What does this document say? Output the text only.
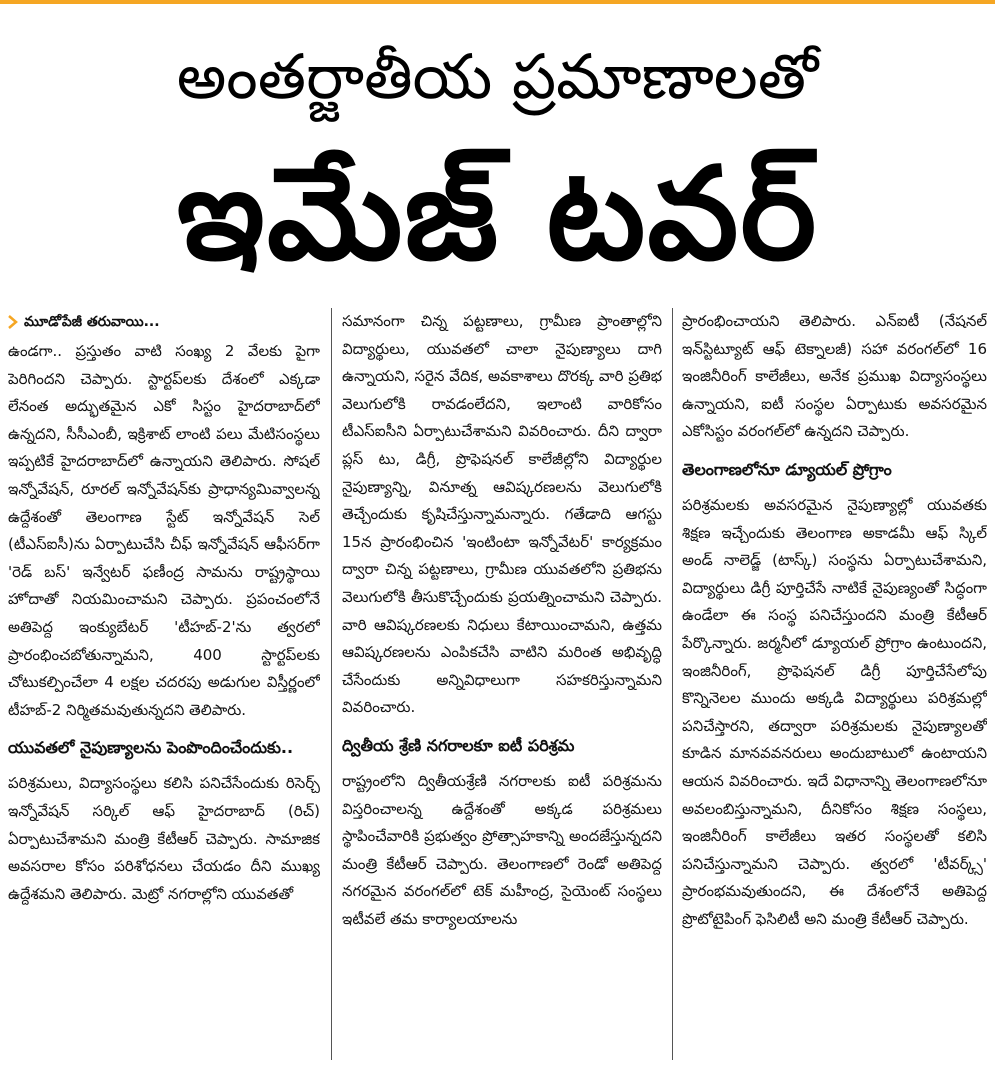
అంతర్జాతీయ ప్రమాణాలతో
ఇమేజ్ టవర్
మూడోపేజీ తరువాయి...

ఉండగా.. ప్రస్తుతం వాటి సంఖ్య 2 వేలకు పైగా పెరిగిందని చెప్పారు. స్టార్టప్‌లకు దేశంలో ఎక్కడా లేనంత అద్భుతమైన ఎకో సిస్టం హైదరాబాద్‌లో ఉన్నదని, సీసీఎంబీ, ఇక్రిశాట్ లాంటి పలు మేటిసంస్థలు ఇప్పటికే హైదరాబాద్‌లో ఉన్నాయని తెలిపారు. సోషల్ ఇన్నోవేషన్, రూరల్ ఇన్నోవేషన్‌కు ప్రాధాన్యమివ్వాలన్న ఉద్దేశంతో తెలంగాణ స్టేట్ ఇన్నోవేషన్ సెల్ (టీఎస్ఐసీ)ను ఏర్పాటుచేసి చీఫ్ ఇన్నోవేషన్ ఆఫీసర్‌గా 'రెడ్ బస్' ఇన్వేటర్ ఫణీంద్ర సామను రాష్ట్రస్థాయి హోదాతో నియమించామని చెప్పారు. ప్రపంచంలోనే అతిపెద్ద ఇంక్యుబేటర్ 'టీహబ్-2'ను త్వరలో ప్రారంభించబోతున్నామని, 400 స్టార్టప్‌లకు చోటుకల్పించేలా 4 లక్షల చదరపు అడుగుల విస్తీర్ణంలో టీహబ్-2 నిర్మితమవుతున్నదని తెలిపారు.

యువతలో నైపుణ్యాలను పెంపొందించేందుకు..

పరిశ్రమలు, విద్యాసంస్థలు కలిసి పనిచేసేందుకు రిసెర్చ్ ఇన్నోవేషన్ సర్కిల్ ఆఫ్ హైదరాబాద్ (రిచ్) ఏర్పాటుచేశామని మంత్రి కేటీఆర్ చెప్పారు. సామాజిక అవసరాల కోసం పరిశోధనలు చేయడం దీని ముఖ్య ఉద్దేశమని తెలిపారు. మెట్రో నగరాల్లోని యువతతో

సమానంగా చిన్న పట్టణాలు, గ్రామీణ ప్రాంతాల్లోని విద్యార్థులు, యువతలో చాలా నైపుణ్యాలు దాగి ఉన్నాయని, సరైన వేదిక, అవకాశాలు దొరక్క వారి ప్రతిభ వెలుగులోకి రావడంలేదని, ఇలాంటి వారికోసం టీఎస్ఐసీని ఏర్పాటుచేశామని వివరించారు. దీని ద్వారా ప్లస్ టు, డిగ్రీ, ప్రొఫెషనల్ కాలేజీల్లోని విద్యార్థుల నైపుణ్యాన్ని, వినూత్న ఆవిష్కరణలను వెలుగులోకి తెచ్చేందుకు కృషిచేస్తున్నామన్నారు. గతేడాది ఆగస్టు 15న ప్రారంభించిన 'ఇంటింటా ఇన్నోవేటర్' కార్యక్రమం ద్వారా చిన్న పట్టణాలు, గ్రామీణ యువతలోని ప్రతిభను వెలుగులోకి తీసుకొచ్చేందుకు ప్రయత్నించామని చెప్పారు. వారి ఆవిష్కరణలకు నిధులు కేటాయించామని, ఉత్తమ ఆవిష్కరణలను ఎంపికచేసి వాటిని మరింత అభివృద్ధి చేసేందుకు అన్నివిధాలుగా సహకరిస్తున్నామని వివరించారు.

ద్వితీయ శ్రేణి నగరాలకూ ఐటీ పరిశ్రమ

రాష్ట్రంలోని ద్వితీయశ్రేణి నగరాలకు ఐటీ పరిశ్రమను విస్తరించాలన్న ఉద్దేశంతో అక్కడ పరిశ్రమలు స్థాపించేవారికి ప్రభుత్వం ప్రోత్సాహకాన్ని అందజేస్తున్నదని మంత్రి కేటీఆర్ చెప్పారు. తెలంగాణలో రెండో అతిపెద్ద నగరమైన వరంగల్‌లో టెక్ మహీంద్ర, సైయెంట్ సంస్థలు ఇటీవలే తమ కార్యాలయాలను

ప్రారంభించాయని తెలిపారు. ఎన్ఐటీ (నేషనల్ ఇన్‌స్టిట్యూట్ ఆఫ్ టెక్నాలజీ) సహా వరంగల్‌లో 16 ఇంజినీరింగ్ కాలేజీలు, అనేక ప్రముఖ విద్యాసంస్థలు ఉన్నాయని, ఐటీ సంస్థల ఏర్పాటుకు అవసరమైన ఎకోసిస్టం వరంగల్‌లో ఉన్నదని చెప్పారు.

తెలంగాణలోనూ డ్యూయల్ ప్రోగ్రాం

పరిశ్రమలకు అవసరమైన నైపుణ్యాల్లో యువతకు శిక్షణ ఇచ్చేందుకు తెలంగాణ అకాడమీ ఆఫ్ స్కిల్ అండ్ నాలెడ్జ్ (టాస్క్) సంస్థను ఏర్పాటుచేశామని, విద్యార్థులు డిగ్రీ పూర్తిచేసే నాటికే నైపుణ్యంతో సిద్ధంగా ఉండేలా ఈ సంస్థ పనిచేస్తుందని మంత్రి కేటీఆర్ పేర్కొన్నారు. జర్మనీలో డ్యూయల్ ప్రోగ్రాం ఉంటుందని, ఇంజినీరింగ్, ప్రొఫెషనల్ డిగ్రీ పూర్తిచేసేలోపు కొన్నినెలల ముందు అక్కడి విద్యార్థులు పరిశ్రమల్లో పనిచేస్తారని, తద్వారా పరిశ్రమలకు నైపుణ్యాలతో కూడిన మానవవనరులు అందుబాటులో ఉంటాయని ఆయన వివరించారు. ఇదే విధానాన్ని తెలంగాణలోనూ అవలంబిస్తున్నామని, దీనికోసం శిక్షణ సంస్థలు, ఇంజినీరింగ్ కాలేజీలు ఇతర సంస్థలతో కలిసి పనిచేస్తున్నామని చెప్పారు. త్వరలో 'టీవర్క్స్' ప్రారంభమవుతుందని, ఈ దేశంలోనే అతిపెద్ద ప్రొటోటైపింగ్ ఫెసిలిటీ అని మంత్రి కేటీఆర్ చెప్పారు.
